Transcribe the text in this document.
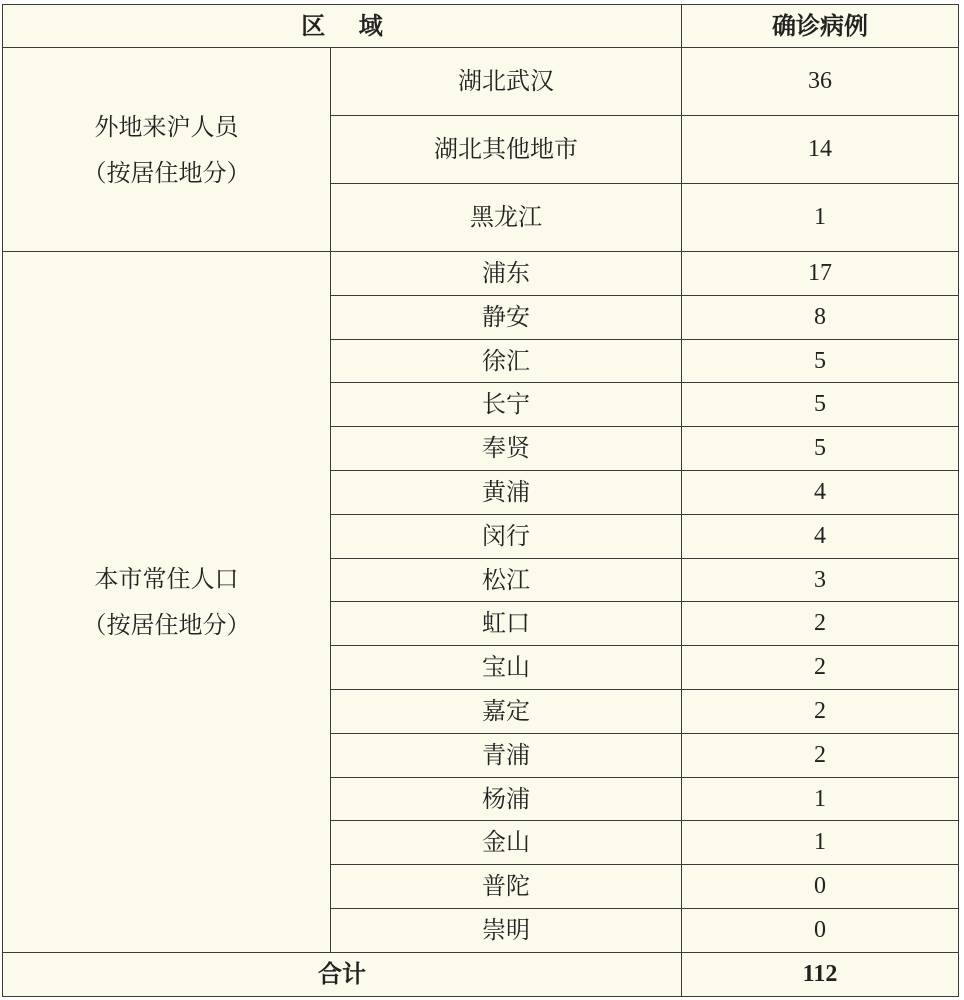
区    域		确诊病例

外地来沪人员
（按居住地分）	湖北武汉	36
	湖北其他地市	14
	黑龙江	1

本市常住人口
（按居住地分）	浦东	17
	静安	8
	徐汇	5
	长宁	5
	奉贤	5
	黄浦	4
	闵行	4
	松江	3
	虹口	2
	宝山	2
	嘉定	2
	青浦	2
	杨浦	1
	金山	1
	普陀	0
	崇明	0
合计		112
